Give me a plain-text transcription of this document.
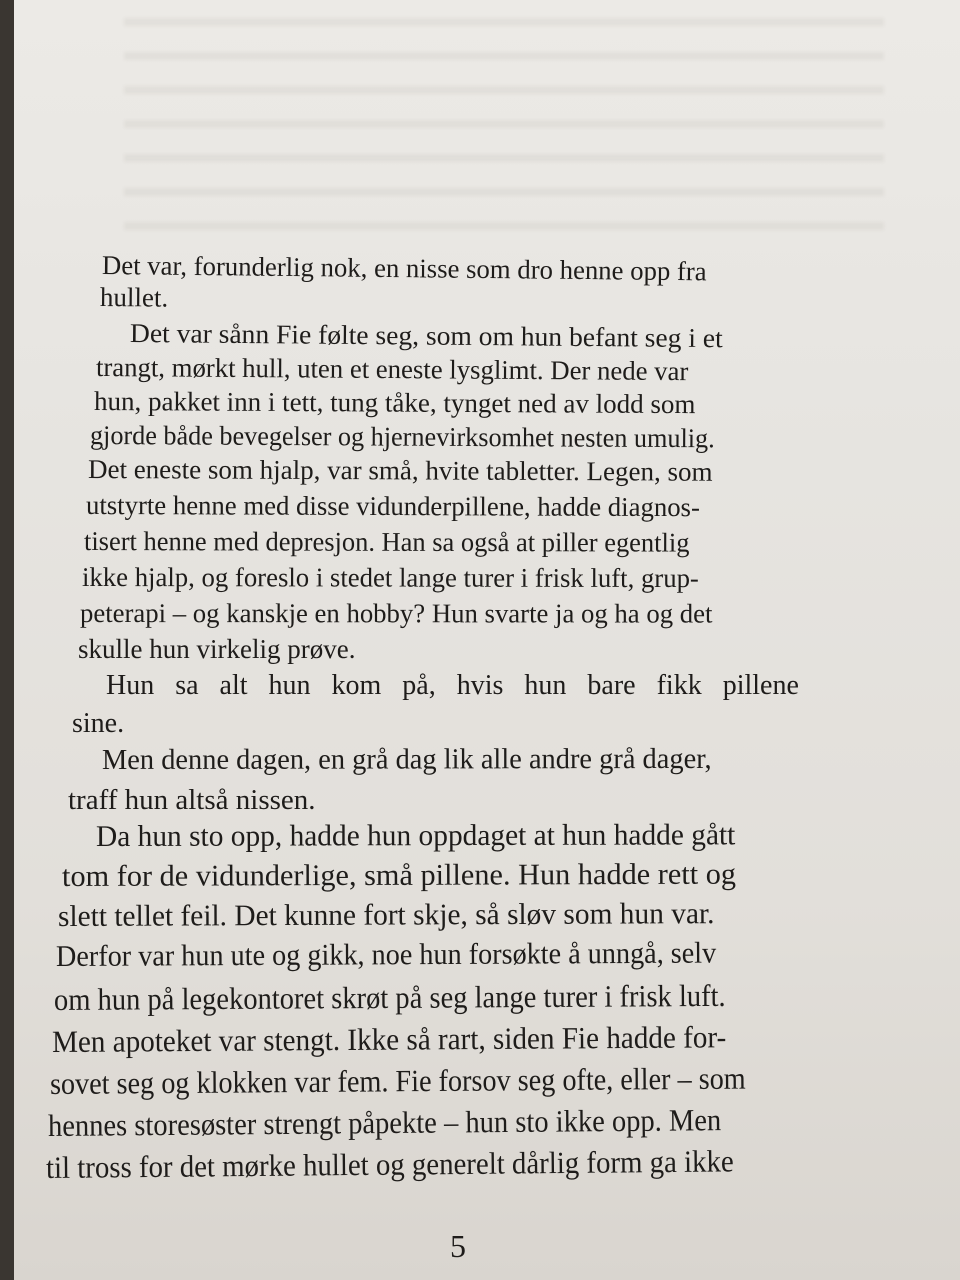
Det var, forunderlig nok, en nisse som dro henne opp fra
hullet.
Det var sånn Fie følte seg, som om hun befant seg i et
trangt, mørkt hull, uten et eneste lysglimt. Der nede var
hun, pakket inn i tett, tung tåke, tynget ned av lodd som
gjorde både bevegelser og hjernevirksomhet nesten umulig.
Det eneste som hjalp, var små, hvite tabletter. Legen, som
utstyrte henne med disse vidunderpillene, hadde diagnos-
tisert henne med depresjon. Han sa også at piller egentlig
ikke hjalp, og foreslo i stedet lange turer i frisk luft, grup-
peterapi – og kanskje en hobby? Hun svarte ja og ha og det
skulle hun virkelig prøve.
Hun sa alt hun kom på, hvis hun bare fikk pillene
sine.
Men denne dagen, en grå dag lik alle andre grå dager,
traff hun altså nissen.
Da hun sto opp, hadde hun oppdaget at hun hadde gått
tom for de vidunderlige, små pillene. Hun hadde rett og
slett tellet feil. Det kunne fort skje, så sløv som hun var.
Derfor var hun ute og gikk, noe hun forsøkte å unngå, selv
om hun på legekontoret skrøt på seg lange turer i frisk luft.
Men apoteket var stengt. Ikke så rart, siden Fie hadde for-
sovet seg og klokken var fem. Fie forsov seg ofte, eller – som
hennes storesøster strengt påpekte – hun sto ikke opp. Men
til tross for det mørke hullet og generelt dårlig form ga ikke
5
